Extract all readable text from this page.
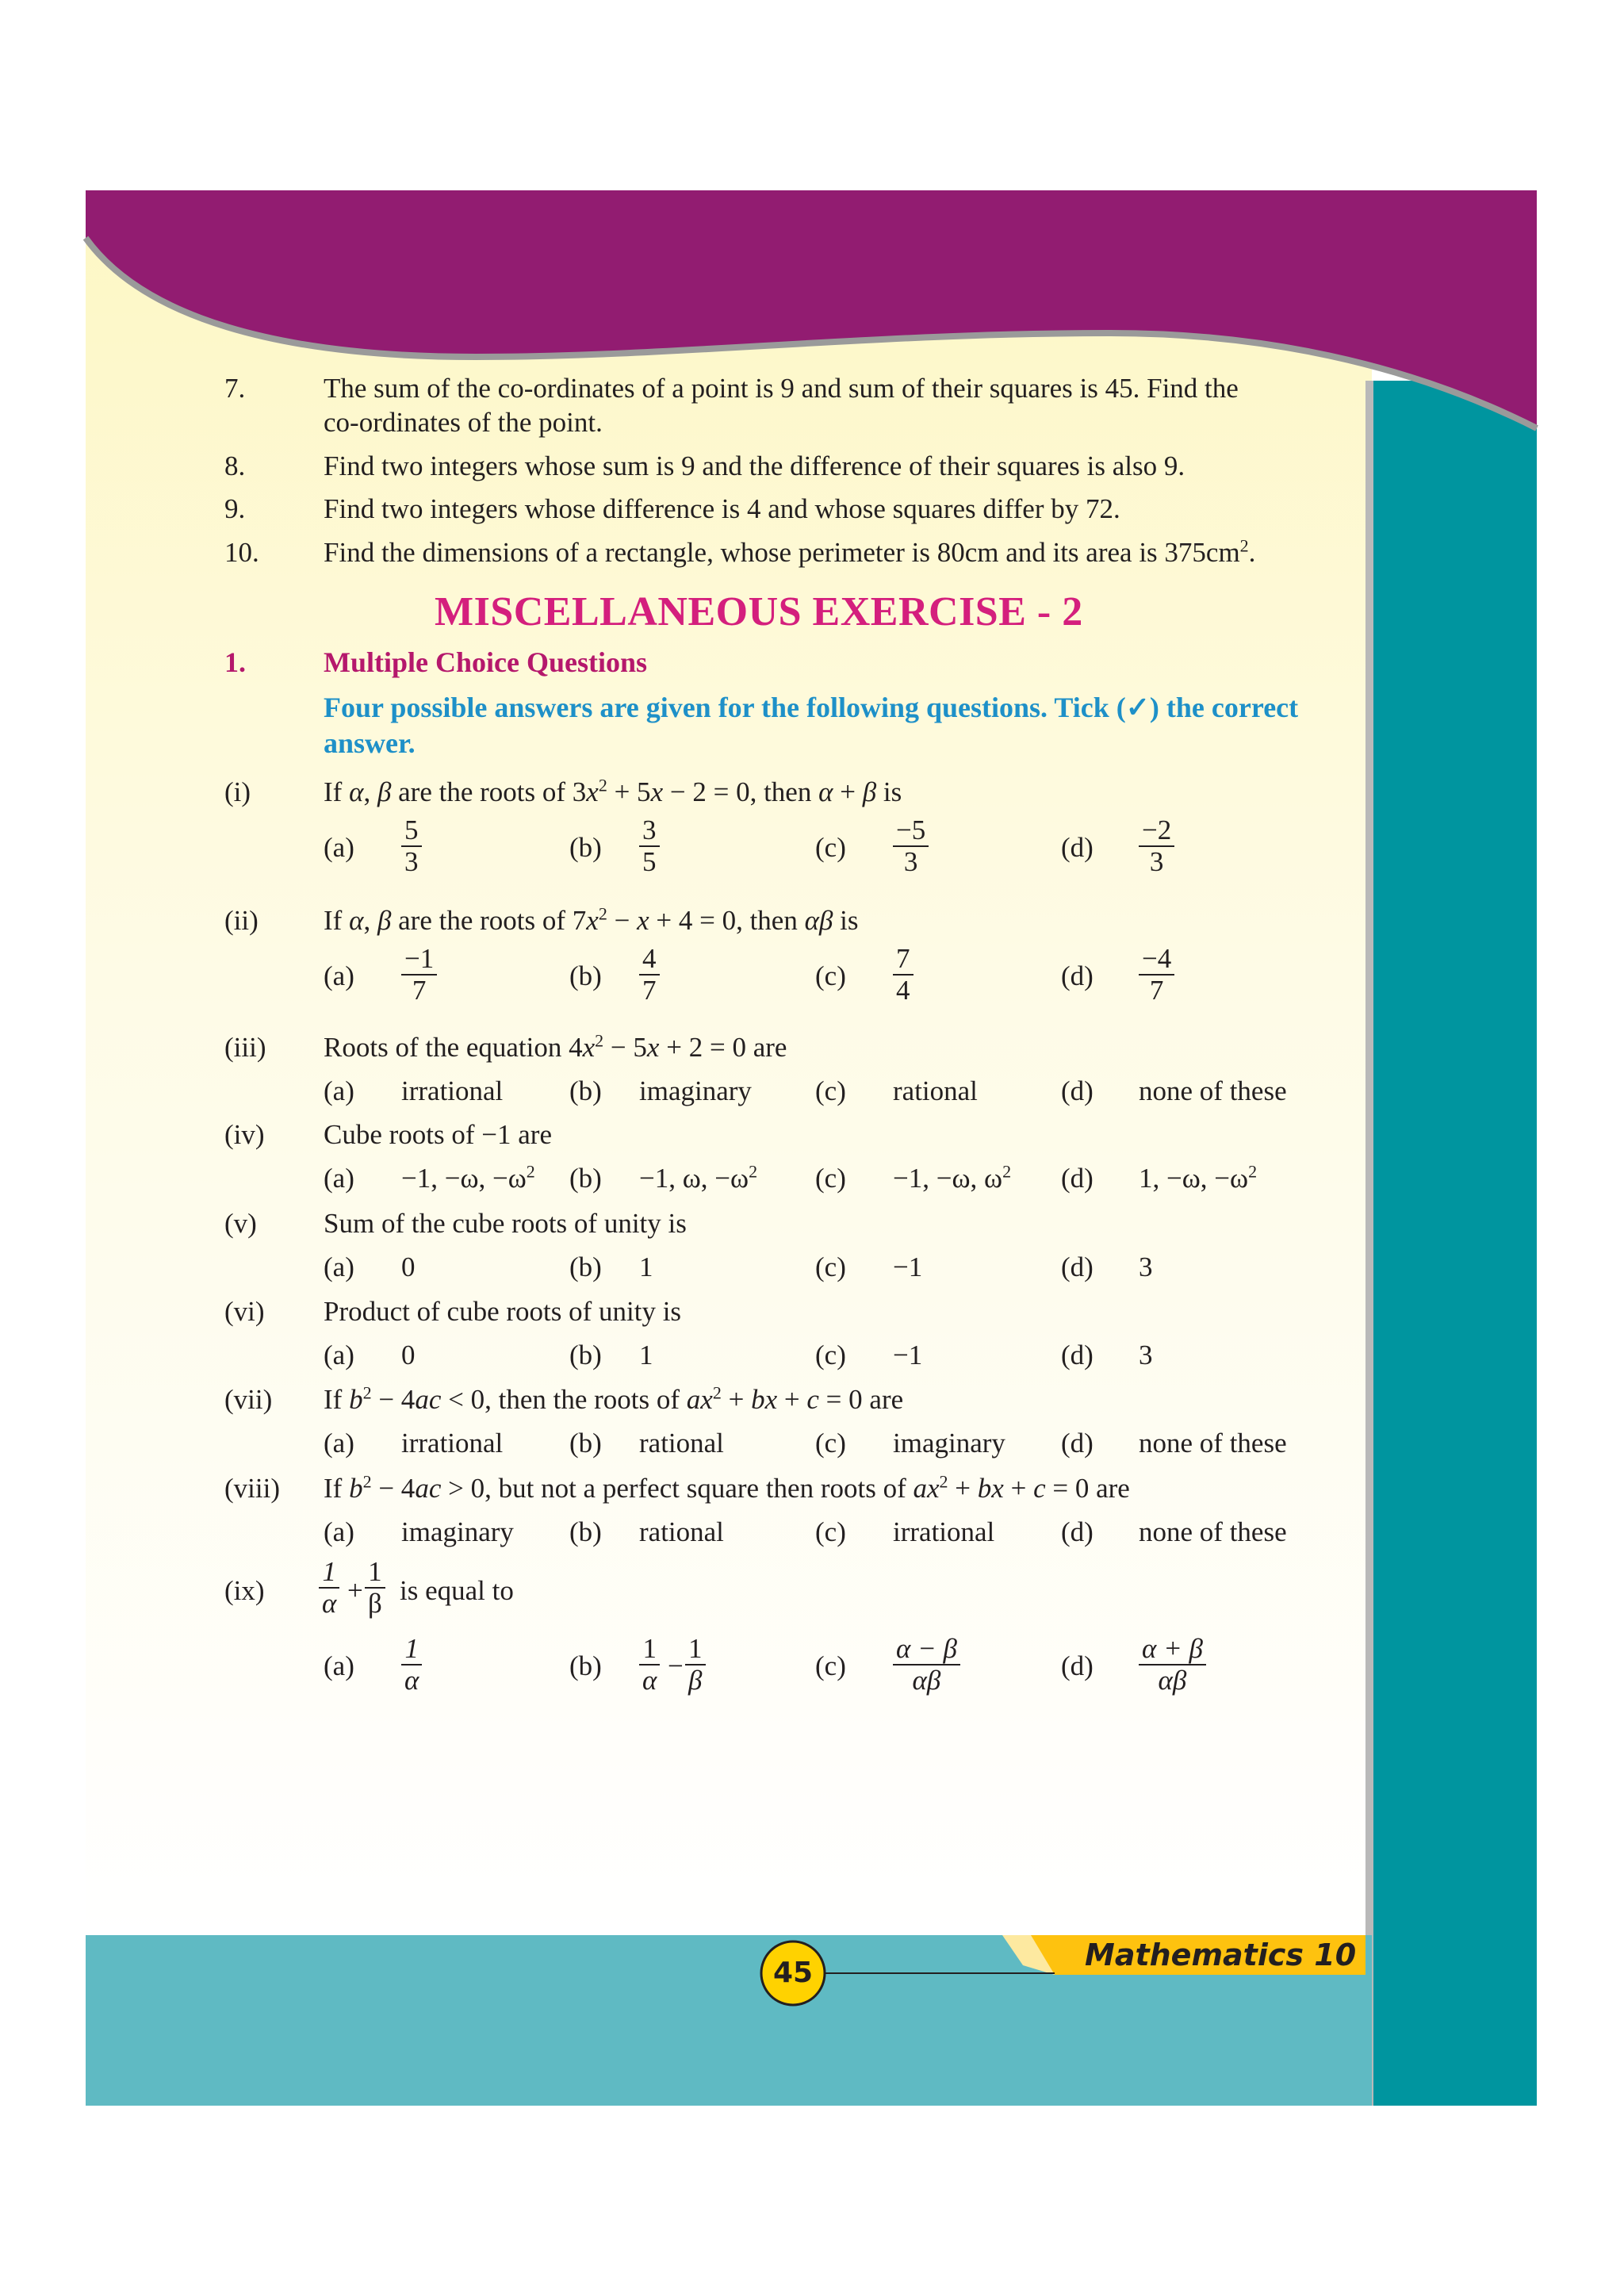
7.	The sum of the co-ordinates of a point is 9 and sum of their squares is 45. Find the
co-ordinates of the point.
8.	Find two integers whose sum is 9 and the difference of their squares is also 9.
9.	Find two integers whose difference is 4 and whose squares differ by 72.
10. Find the dimensions of a rectangle, whose perimeter is 80cm and its area is $375cm^2$.
MISCELLANEOUS EXERCISE - 2
1.	Multiple Choice Questions
Four possible answers are given for the following questions. Tick (✓) the correct answer.
(i)	If α, β are the roots of $3x^2 + 5x - 2 = 0$, then α + β is
$(a) \frac{5}{3}$	$(b) \frac{3}{5}$	$(c) \frac{-5}{3}$	$(d) \frac{-2}{3}$
(ii) If α, β are the roots of $7x^2 - x + 4 = 0$, then αβ is
$(a) \frac{-1}{7}$	$(b) \frac{4}{7}$	$(c) \frac{7}{4}$	$(d) \frac{-4}{7}$
(iii) Roots of the equation $4x^2 - 5x + 2 = 0$ are
(a) irrational (b) imaginary (c) rational	(d) none of these
(iv) Cube roots of −1 are
(a) −1, −ω, $-\omega^2$ (b) −1, ω, $-\omega^2$ (c) −1, −ω, $\omega^2$ (d) 1, −ω, $-\omega^2$
(v) Sum of the cube roots of unity is
(a) 0	(b) 1	(c) −1	(d) 3
(vi) Product of cube roots of unity is
(a) 0	(b) 1	(c) −1	(d) 3
(vii) If $b^2 - 4ac < 0$, then the roots of $ax^2$ + bx + c = 0 are
(a) irrational (b) rational	(c) imaginary (d) none of these
(viii) If $b^2 - 4ac > 0$, but not a perfect square then roots of $ax^2$ + bx + c = 0 are
(a) imaginary (b) rational	(c) irrational (d) none of these
$(ix) \frac{1}{\alpha} + \frac{1}{\beta}$ is equal to
$(a) \frac{1}{\alpha}$	$(b) \frac{1}{\alpha} - \frac{1}{\beta}$	$(c) \frac{\alpha - \beta}{\alpha\beta}$	$(d) \frac{\alpha + \beta}{\alpha\beta}$
45
Mathematics 10
